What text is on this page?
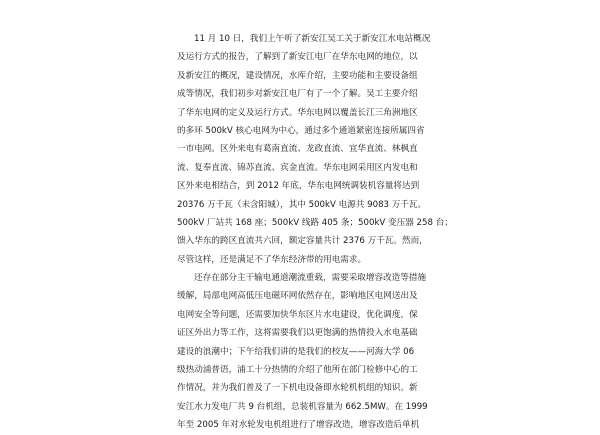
11 月 10 日，我们上午听了新安江吴工关于新安江水电站概况
及运行方式的报告，了解到了新安江电厂在华东电网的地位，以
及新安江的概况，建设情况，水库介绍，主要功能和主要设备组
成等情况，我们初步对新安江电厂有了一个了解。吴工主要介绍
了华东电网的定义及运行方式。华东电网以覆盖长江三角洲地区
的多环 500kV 核心电网为中心，通过多个通道紧密连接所属四省
一市电网。区外来电有葛南直流、龙政直流、宜华直流、林枫直
流、复奉直流、锦苏直流、宾金直流。华东电网采用区内发电和
区外来电相结合，到 2012 年底，华东电网统调装机容量将达到
20376 万千瓦（未含阳城），其中 500kV 电源共 9083 万千瓦。
500kV 厂站共 168 座；500kV 线路 405 条；500kV 变压器 258 台；
馈入华东的跨区直流共六回，额定容量共计 2376 万千瓦。然而，
尽管这样，还是满足不了华东经济带的用电需求。
还存在部分主干输电通道潮流重载，需要采取增容改造等措施
缓解，局部电网高低压电磁环网依然存在，影响地区电网送出及
电网安全等问题，还需要加快华东区片水电建设，优化调度，保
证区外出力等工作，这将需要我们以更饱满的热情投入水电基础
建设的浪潮中；下午给我们讲的是我们的校友——河海大学 06
级热动浦普语，浦工十分热情的介绍了他所在部门检修中心的工
作情况，并为我们普及了一下机电设备即水轮机机组的知识。新
安江水力发电厂共 9 台机组，总装机容量为 662.5MW。在 1999
年至 2005 年对水轮发电机组进行了增容改造，增容改造后单机
